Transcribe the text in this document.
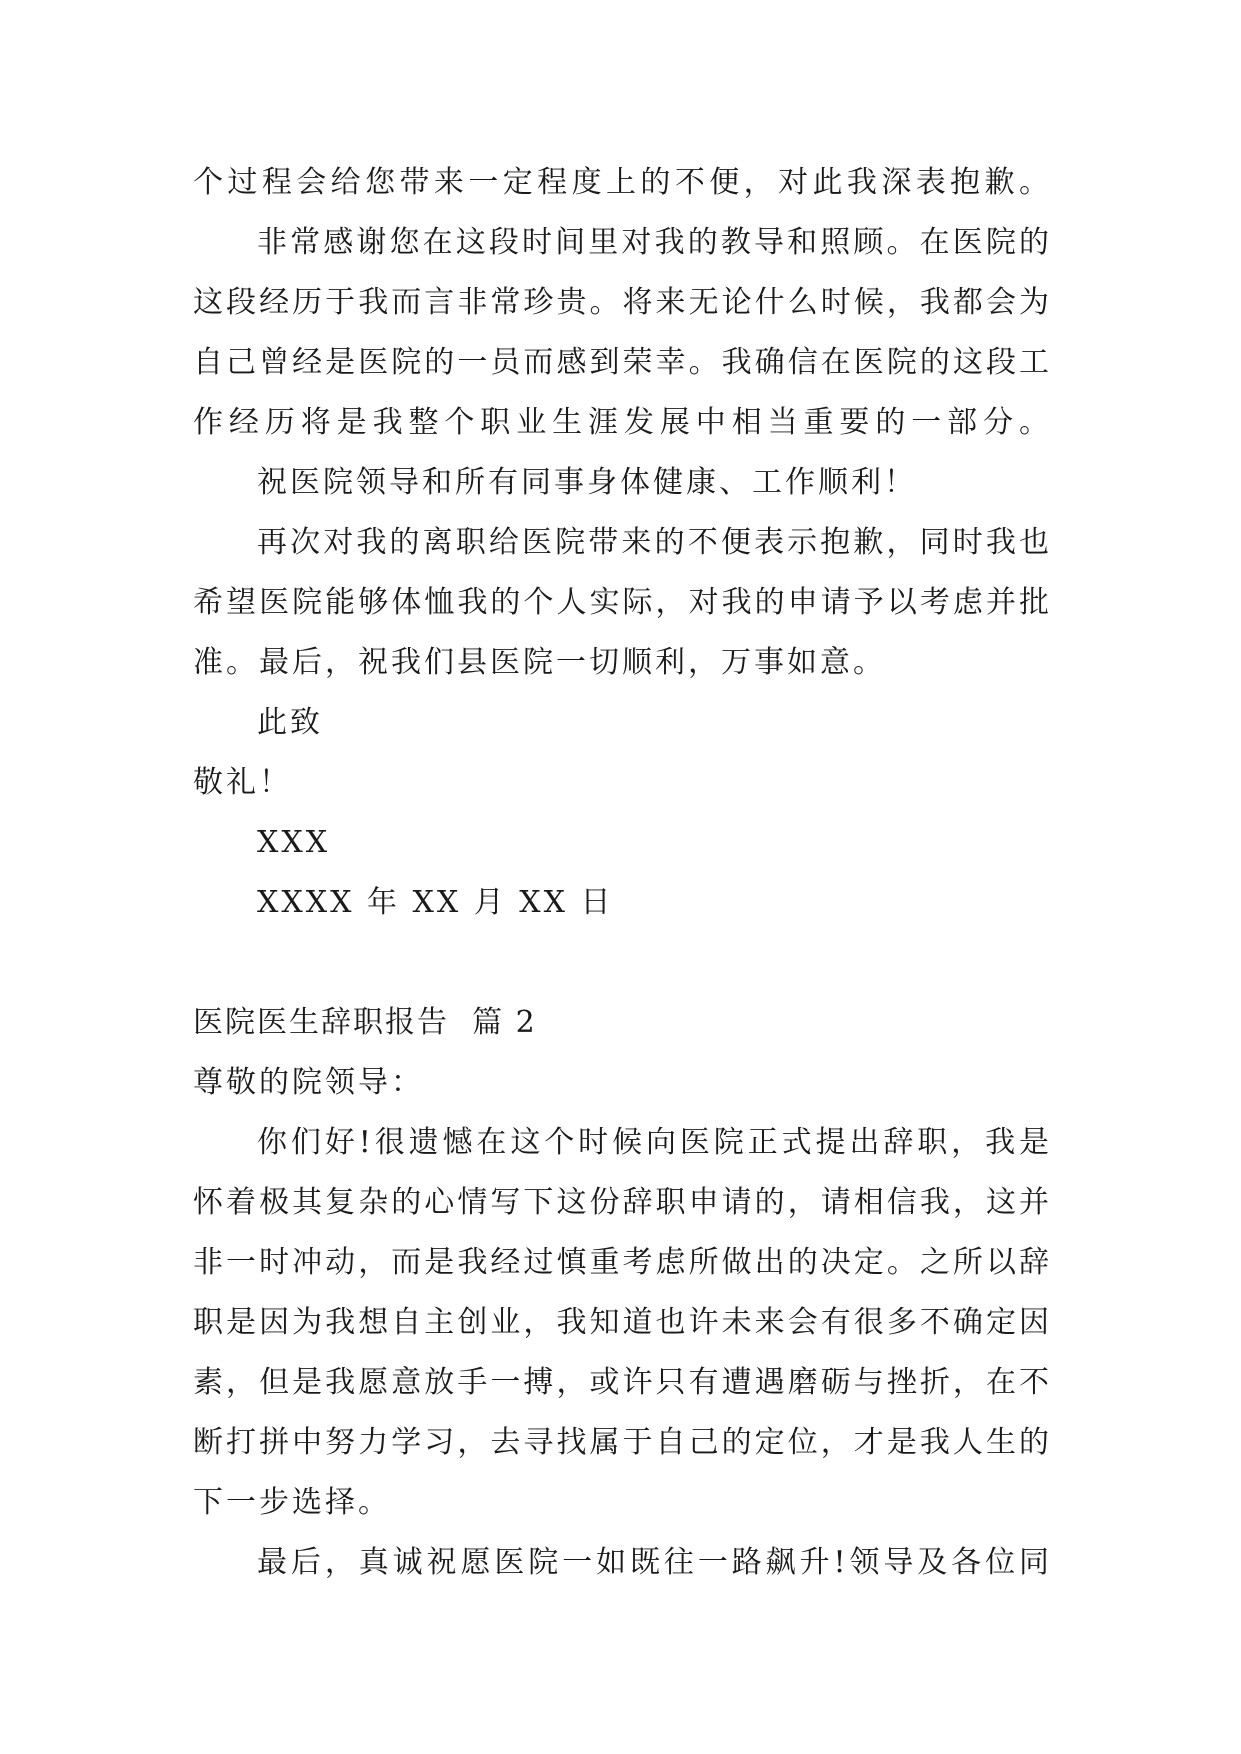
个过程会给您带来一定程度上的不便，对此我深表抱歉。
非常感谢您在这段时间里对我的教导和照顾。在医院的
这段经历于我而言非常珍贵。将来无论什么时候，我都会为
自己曾经是医院的一员而感到荣幸。我确信在医院的这段工
作经历将是我整个职业生涯发展中相当重要的一部分。
祝医院领导和所有同事身体健康、工作顺利！
再次对我的离职给医院带来的不便表示抱歉，同时我也
希望医院能够体恤我的个人实际，对我的申请予以考虑并批
准。最后，祝我们县医院一切顺利，万事如意。
此致
敬礼！
XXX
XXXX 年 XX 月 XX 日
医院医生辞职报告  篇 2
尊敬的院领导：
你们好!很遗憾在这个时候向医院正式提出辞职，我是
怀着极其复杂的心情写下这份辞职申请的，请相信我，这并
非一时冲动，而是我经过慎重考虑所做出的决定。之所以辞
职是因为我想自主创业，我知道也许未来会有很多不确定因
素，但是我愿意放手一搏，或许只有遭遇磨砺与挫折，在不
断打拼中努力学习，去寻找属于自己的定位，才是我人生的
下一步选择。
最后，真诚祝愿医院一如既往一路飙升!领导及各位同
